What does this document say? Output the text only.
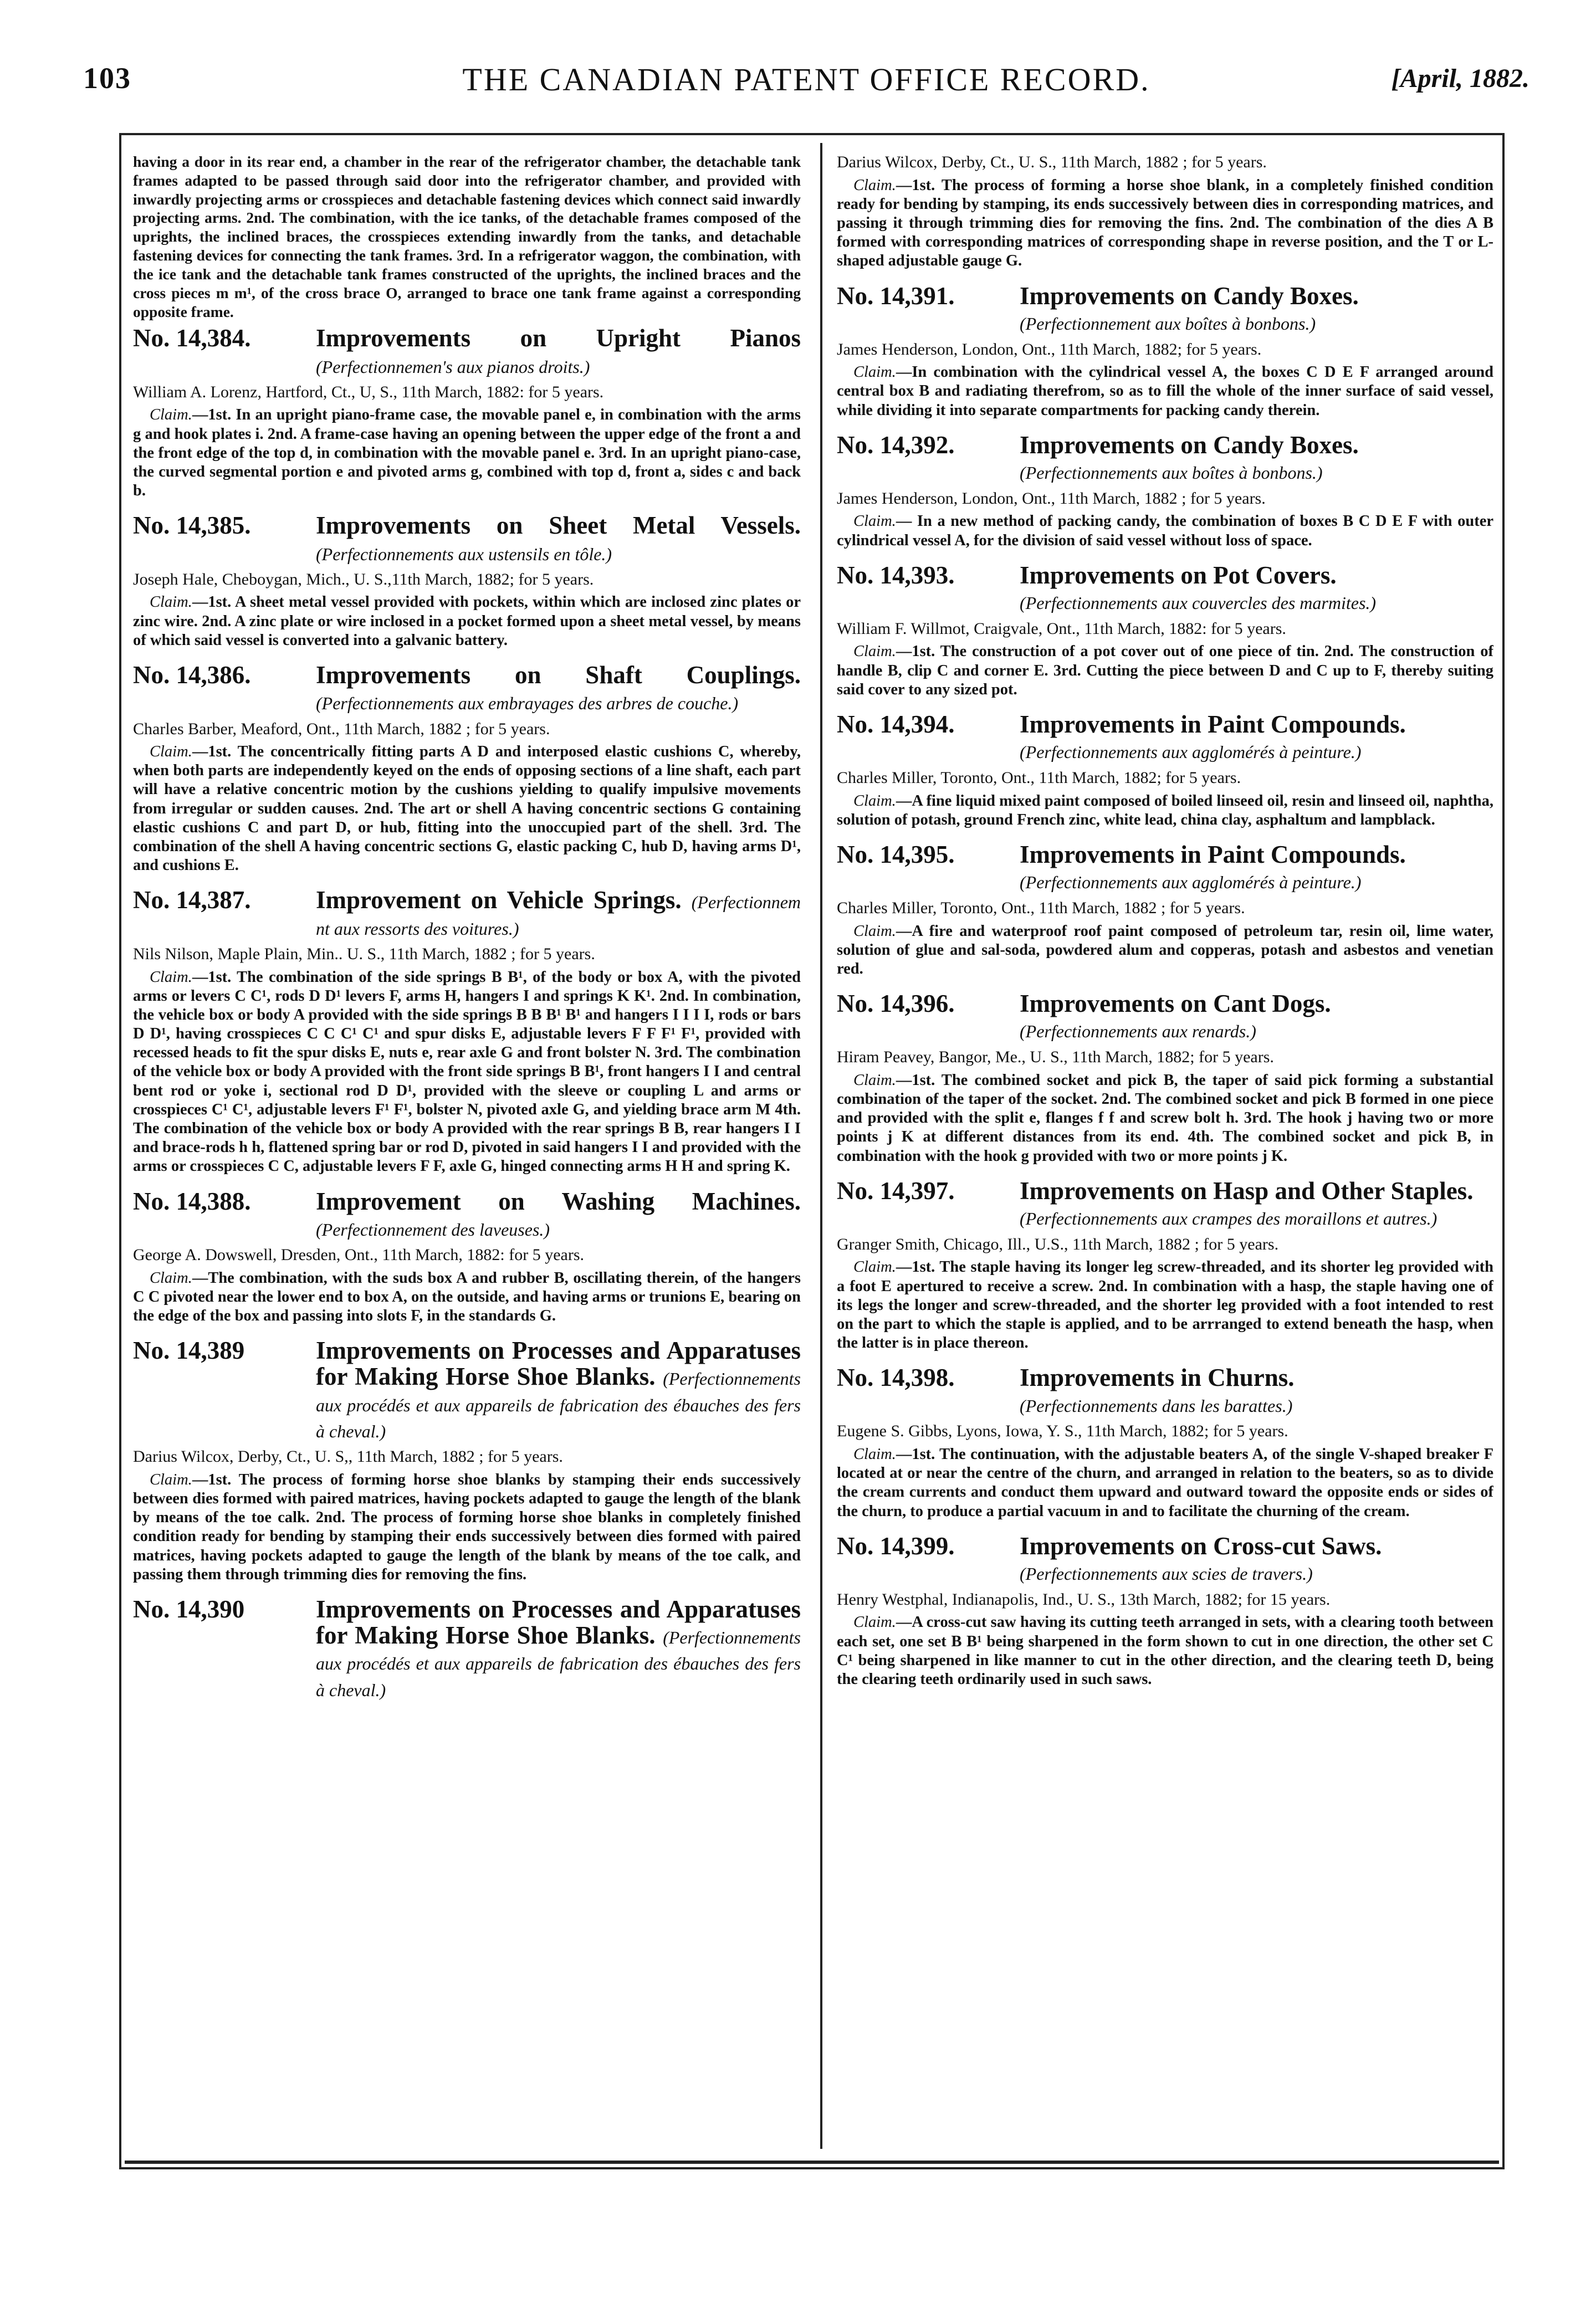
103	THE CANADIAN PATENT OFFICE RECORD.	[April, 1882.

having a door in its rear end, a chamber in the rear of the refrigerator chamber, the detachable tank frames adapted to be passed through said door into the refrigerator chamber, and provided with inwardly projecting arms or crosspieces and detachable fastening devices which connect said inwardly projecting arms. 2nd. The combination, with the ice tanks, of the detachable frames composed of the uprights, the inclined braces, the crosspieces extending inwardly from the tanks, and detachable fastening devices for connecting the tank frames. 3rd. In a refrigerator waggon, the combination, with the ice tank and the detachable tank frames constructed of the uprights, the inclined braces and the cross pieces m m¹, of the cross brace O, arranged to brace one tank frame against a corresponding opposite frame.

No. 14,384.	Improvements on Upright Pianos (Perfectionnemen's aux pianos droits.)

William A. Lorenz, Hartford, Ct., U, S., 11th March, 1882: for 5 years.

Claim.—1st. In an upright piano-frame case, the movable panel e, in combination with the arms g and hook plates i. 2nd. A frame-case having an opening between the upper edge of the front a and the front edge of the top d, in combination with the movable panel e. 3rd. In an upright piano-case, the curved segmental portion e and pivoted arms g, combined with top d, front a, sides c and back b.

No. 14,385.	Improvements on Sheet Metal Vessels. (Perfectionnements aux ustensils en tôle.)

Joseph Hale, Cheboygan, Mich., U. S.,11th March, 1882; for 5 years.

Claim.—1st. A sheet metal vessel provided with pockets, within which are inclosed zinc plates or zinc wire. 2nd. A zinc plate or wire inclosed in a pocket formed upon a sheet metal vessel, by means of which said vessel is converted into a galvanic battery.

No. 14,386.	Improvements on Shaft Couplings. (Perfectionnements aux embrayages des arbres de couche.)

Charles Barber, Meaford, Ont., 11th March, 1882 ; for 5 years.

Claim.—1st. The concentrically fitting parts A D and interposed elastic cushions C, whereby, when both parts are independently keyed on the ends of opposing sections of a line shaft, each part will have a relative concentric motion by the cushions yielding to qualify impulsive movements from irregular or sudden causes. 2nd. The art or shell A having concentric sections G containing elastic cushions C and part D, or hub, fitting into the unoccupied part of the shell. 3rd. The combination of the shell A having concentric sections G, elastic packing C, hub D, having arms D¹, and cushions E.

No. 14,387.	Improvement on Vehicle Springs. (Perfectionnem nt aux ressorts des voitures.)

Nils Nilson, Maple Plain, Min.. U. S., 11th March, 1882 ; for 5 years.

Claim.—1st. The combination of the side springs B B¹, of the body or box A, with the pivoted arms or levers C C¹, rods D D¹ levers F, arms H, hangers I and springs K K¹. 2nd. In combination, the vehicle box or body A provided with the side springs B B B¹ B¹ and hangers I I I I, rods or bars D D¹, having crosspieces C C C¹ C¹ and spur disks E, adjustable levers F F F¹ F¹, provided with recessed heads to fit the spur disks E, nuts e, rear axle G and front bolster N. 3rd. The combination of the vehicle box or body A provided with the front side springs B B¹, front hangers I I and central bent rod or yoke i, sectional rod D D¹, provided with the sleeve or coupling L and arms or crosspieces C¹ C¹, adjustable levers F¹ F¹, bolster N, pivoted axle G, and yielding brace arm M 4th. The combination of the vehicle box or body A provided with the rear springs B B, rear hangers I I and brace-rods h h, flattened spring bar or rod D, pivoted in said hangers I I and provided with the arms or crosspieces C C, adjustable levers F F, axle G, hinged connecting arms H H and spring K.

No. 14,388.	Improvement on Washing Machines. (Perfectionnement des laveuses.)

George A. Dowswell, Dresden, Ont., 11th March, 1882: for 5 years.

Claim.—The combination, with the suds box A and rubber B, oscillating therein, of the hangers C C pivoted near the lower end to box A, on the outside, and having arms or trunions E, bearing on the edge of the box and passing into slots F, in the standards G.

No. 14,389	Improvements on Processes and Apparatuses for Making Horse Shoe Blanks. (Perfectionnements aux procédés et aux appareils de fabrication des ébauches des fers à cheval.)

Darius Wilcox, Derby, Ct., U. S,, 11th March, 1882 ; for 5 years.

Claim.—1st. The process of forming horse shoe blanks by stamping their ends successively between dies formed with paired matrices, having pockets adapted to gauge the length of the blank by means of the toe calk. 2nd. The process of forming horse shoe blanks in completely finished condition ready for bending by stamping their ends successively between dies formed with paired matrices, having pockets adapted to gauge the length of the blank by means of the toe calk, and passing them through trimming dies for removing the fins.

No. 14,390	Improvements on Processes and Apparatuses for Making Horse Shoe Blanks. (Perfectionnements aux procédés et aux appareils de fabrication des ébauches des fers à cheval.)

Darius Wilcox, Derby, Ct., U. S., 11th March, 1882 ; for 5 years.

Claim.—1st. The process of forming a horse shoe blank, in a completely finished condition ready for bending by stamping, its ends successively between dies in corresponding matrices, and passing it through trimming dies for removing the fins. 2nd. The combination of the dies A B formed with corresponding matrices of corresponding shape in reverse position, and the T or L-shaped adjustable gauge G.

No. 14,391.	Improvements on Candy Boxes.

(Perfectionnement aux boîtes à bonbons.)

James Henderson, London, Ont., 11th March, 1882; for 5 years.

Claim.—In combination with the cylindrical vessel A, the boxes C D E F arranged around central box B and radiating therefrom, so as to fill the whole of the inner surface of said vessel, while dividing it into separate compartments for packing candy therein.

No. 14,392.	Improvements on Candy Boxes.

(Perfectionnements aux boîtes à bonbons.)

James Henderson, London, Ont., 11th March, 1882 ; for 5 years.

Claim.— In a new method of packing candy, the combination of boxes B C D E F with outer cylindrical vessel A, for the division of said vessel without loss of space.

No. 14,393.	Improvements on Pot Covers.

(Perfectionnements aux couvercles des marmites.)

William F. Willmot, Craigvale, Ont., 11th March, 1882: for 5 years.

Claim.—1st. The construction of a pot cover out of one piece of tin. 2nd. The construction of handle B, clip C and corner E. 3rd. Cutting the piece between D and C up to F, thereby suiting said cover to any sized pot.

No. 14,394.	Improvements in Paint Compounds.

(Perfectionnements aux agglomérés à peinture.)

Charles Miller, Toronto, Ont., 11th March, 1882; for 5 years.

Claim.—A fine liquid mixed paint composed of boiled linseed oil, resin and linseed oil, naphtha, solution of potash, ground French zinc, white lead, china clay, asphaltum and lampblack.

No. 14,395.	Improvements in Paint Compounds.

(Perfectionnements aux agglomérés à peinture.)

Charles Miller, Toronto, Ont., 11th March, 1882 ; for 5 years.

Claim.—A fire and waterproof roof paint composed of petroleum tar, resin oil, lime water, solution of glue and sal-soda, powdered alum and copperas, potash and asbestos and venetian red.

No. 14,396.	Improvements on Cant Dogs.

(Perfectionnements aux renards.)

Hiram Peavey, Bangor, Me., U. S., 11th March, 1882; for 5 years.

Claim.—1st. The combined socket and pick B, the taper of said pick forming a substantial combination of the taper of the socket. 2nd. The combined socket and pick B formed in one piece and provided with the split e, flanges f f and screw bolt h. 3rd. The hook j having two or more points j K at different distances from its end. 4th. The combined socket and pick B, in combination with the hook g provided with two or more points j K.

No. 14,397.	Improvements on Hasp and Other Staples.

(Perfectionnements aux crampes des moraillons et autres.)

Granger Smith, Chicago, Ill., U.S., 11th March, 1882 ; for 5 years.

Claim.—1st. The staple having its longer leg screw-threaded, and its shorter leg provided with a foot E apertured to receive a screw. 2nd. In combination with a hasp, the staple having one of its legs the longer and screw-threaded, and the shorter leg provided with a foot intended to rest on the part to which the staple is applied, and to be arrranged to extend beneath the hasp, when the latter is in place thereon.

No. 14,398.	Improvements in Churns.

(Perfectionnements dans les barattes.)

Eugene S. Gibbs, Lyons, Iowa, Y. S., 11th March, 1882; for 5 years.

Claim.—1st. The continuation, with the adjustable beaters A, of the single V-shaped breaker F located at or near the centre of the churn, and arranged in relation to the beaters, so as to divide the cream currents and conduct them upward and outward toward the opposite ends or sides of the churn, to produce a partial vacuum in and to facilitate the churning of the cream.

No. 14,399.	Improvements on Cross-cut Saws.

(Perfectionnements aux scies de travers.)

Henry Westphal, Indianapolis, Ind., U. S., 13th March, 1882; for 15 years.

Claim.—A cross-cut saw having its cutting teeth arranged in sets, with a clearing tooth between each set, one set B B¹ being sharpened in the form shown to cut in one direction, the other set C C¹ being sharpened in like manner to cut in the other direction, and the clearing teeth D, being the clearing teeth ordinarily used in such saws.
